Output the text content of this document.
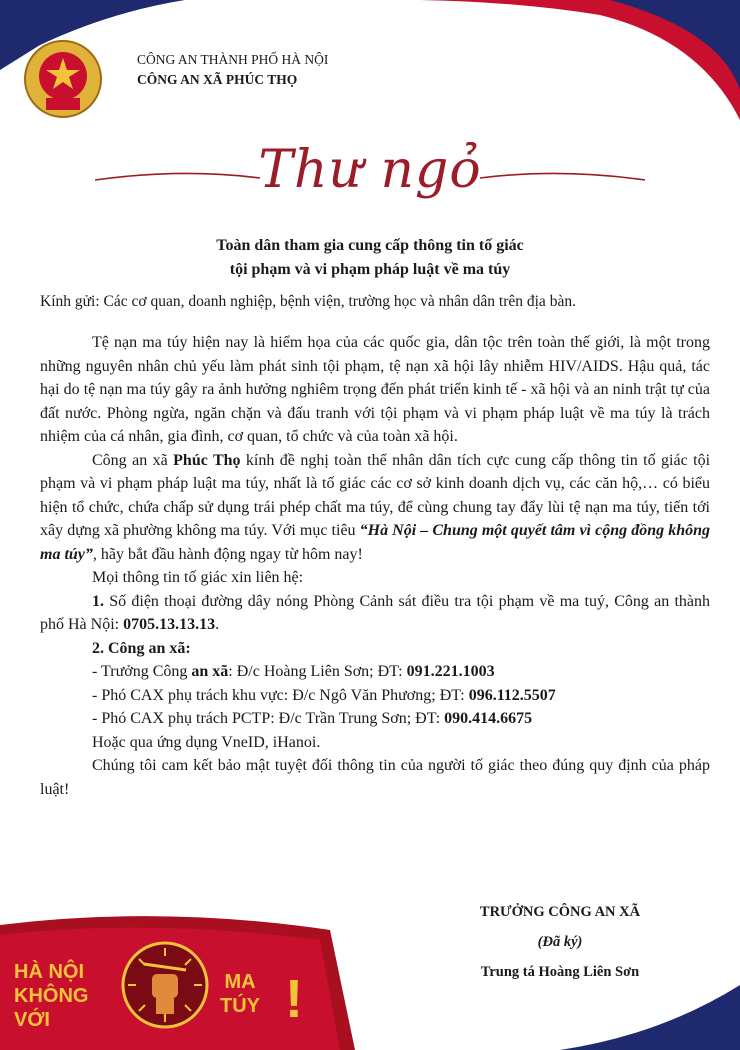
CÔNG AN THÀNH PHỐ HÀ NỘI
CÔNG AN XÃ PHÚC THỌ
Thư ngỏ
Toàn dân tham gia cung cấp thông tin tố giác
tội phạm và vi phạm pháp luật về ma túy
Kính gửi: Các cơ quan, doanh nghiệp, bệnh viện, trường học và nhân dân trên địa bàn.

Tệ nạn ma túy hiện nay là hiểm họa của các quốc gia, dân tộc trên toàn thế giới, là một trong những nguyên nhân chủ yếu làm phát sinh tội phạm, tệ nạn xã hội lây nhiễm HIV/AIDS. Hậu quả, tác hại do tệ nạn ma túy gây ra ảnh hưởng nghiêm trọng đến phát triển kinh tế - xã hội và an ninh trật tự của đất nước. Phòng ngừa, ngăn chặn và đấu tranh với tội phạm và vi phạm pháp luật về ma túy là trách nhiệm của cá nhân, gia đình, cơ quan, tổ chức và của toàn xã hội.

Công an xã Phúc Thọ kính đề nghị toàn thể nhân dân tích cực cung cấp thông tin tố giác tội phạm và vi phạm pháp luật ma túy, nhất là tố giác các cơ sở kinh doanh dịch vụ, các căn hộ,… có biểu hiện tổ chức, chứa chấp sử dụng trái phép chất ma túy, để cùng chung tay đẩy lùi tệ nạn ma túy, tiến tới xây dựng xã phường không ma túy. Với mục tiêu “Hà Nội – Chung một quyết tâm vì cộng đồng không ma túy”, hãy bắt đầu hành động ngay từ hôm nay!

Mọi thông tin tố giác xin liên hệ:

1. Số điện thoại đường dây nóng Phòng Cảnh sát điều tra tội phạm về ma tuý, Công an thành phố Hà Nội: 0705.13.13.13.

2. Công an xã:

- Trưởng Công an xã: Đ/c Hoàng Liên Sơn; ĐT: 091.221.1003

- Phó CAX phụ trách khu vực: Đ/c Ngô Văn Phương; ĐT: 096.112.5507

- Phó CAX phụ trách PCTP: Đ/c Trần Trung Sơn; ĐT: 090.414.6675

Hoặc qua ứng dụng VneID, iHanoi.

Chúng tôi cam kết bảo mật tuyệt đối thông tin của người tố giác theo đúng quy định của pháp luật!

TRƯỞNG CÔNG AN XÃ
(Đã ký)
Trung tá Hoàng Liên Sơn
HÀ NỘI
KHÔNG
VỚI
MA
TÚY !
